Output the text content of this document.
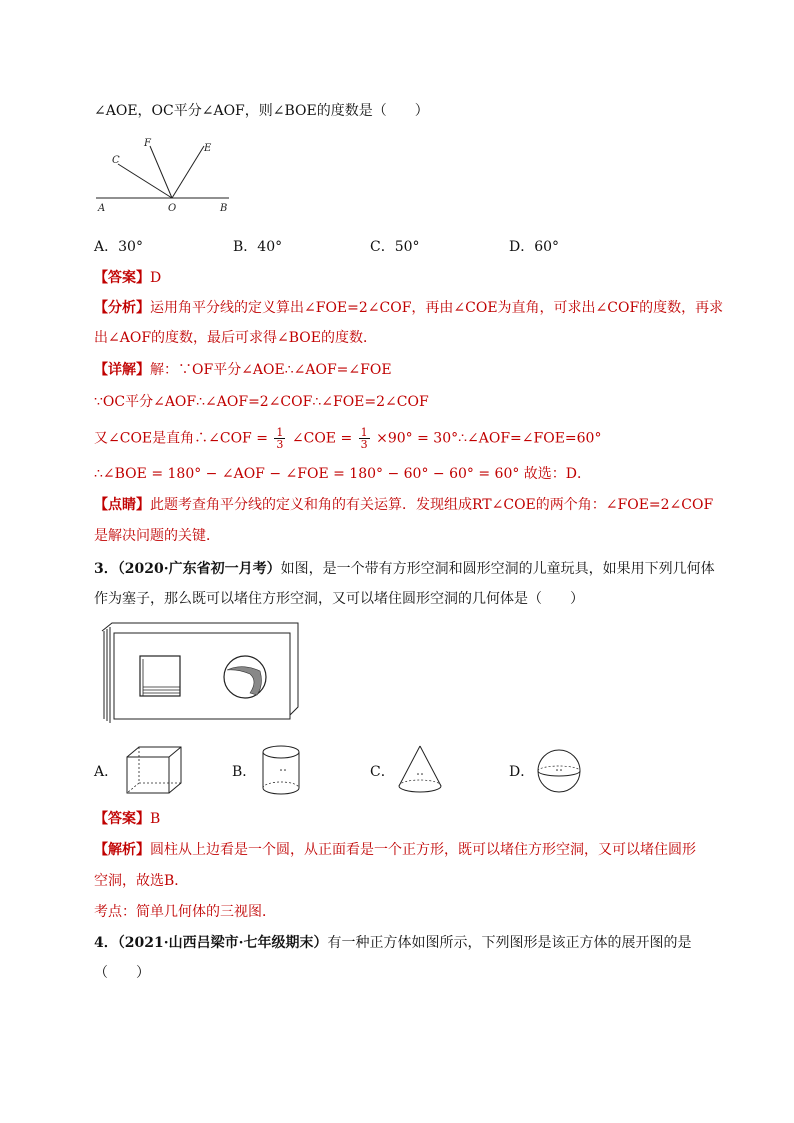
∠AOE，OC平分∠AOF，则∠BOE的度数是（　　）
A	O	B
C
F	E
A．30°	B．40°	C．50°	D．60°
【答案】D
【分析】运用角平分线的定义算出∠FOE=2∠COF，再由∠COE为直角，可求出∠COF的度数，再求
出∠AOF的度数，最后可求得∠BOE的度数．
【详解】解：∵OF平分∠AOE∴∠AOF=∠FOE
∵OC平分∠AOF∴∠AOF=2∠COF∴∠FOE=2∠COF
又∠COE是直角∴∠COF = $\frac{1}{3}$ ∠COE = $\frac{1}{3} \times 90^\circ$ = 30°∴∠AOF=∠FOE=60°
∴∠BOE = 180° − ∠AOF − ∠FOE = 180° − 60° − 60° = 60° 故选：D．
【点睛】此题考查角平分线的定义和角的有关运算．发现组成RT∠COE的两个角：∠FOE=2∠COF
是解决问题的关键．
3．（2020·广东省初一月考）如图，是一个带有方形空洞和圆形空洞的儿童玩具，如果用下列几何体
作为塞子，那么既可以堵住方形空洞，又可以堵住圆形空洞的几何体是（　　）
A．	B．	C．	D．
【答案】B
【解析】圆柱从上边看是一个圆，从正面看是一个正方形，既可以堵住方形空洞，又可以堵住圆形
空洞，故选B．
考点：简单几何体的三视图．
4．（2021·山西吕梁市·七年级期末）有一种正方体如图所示，下列图形是该正方体的展开图的是
（　　）
